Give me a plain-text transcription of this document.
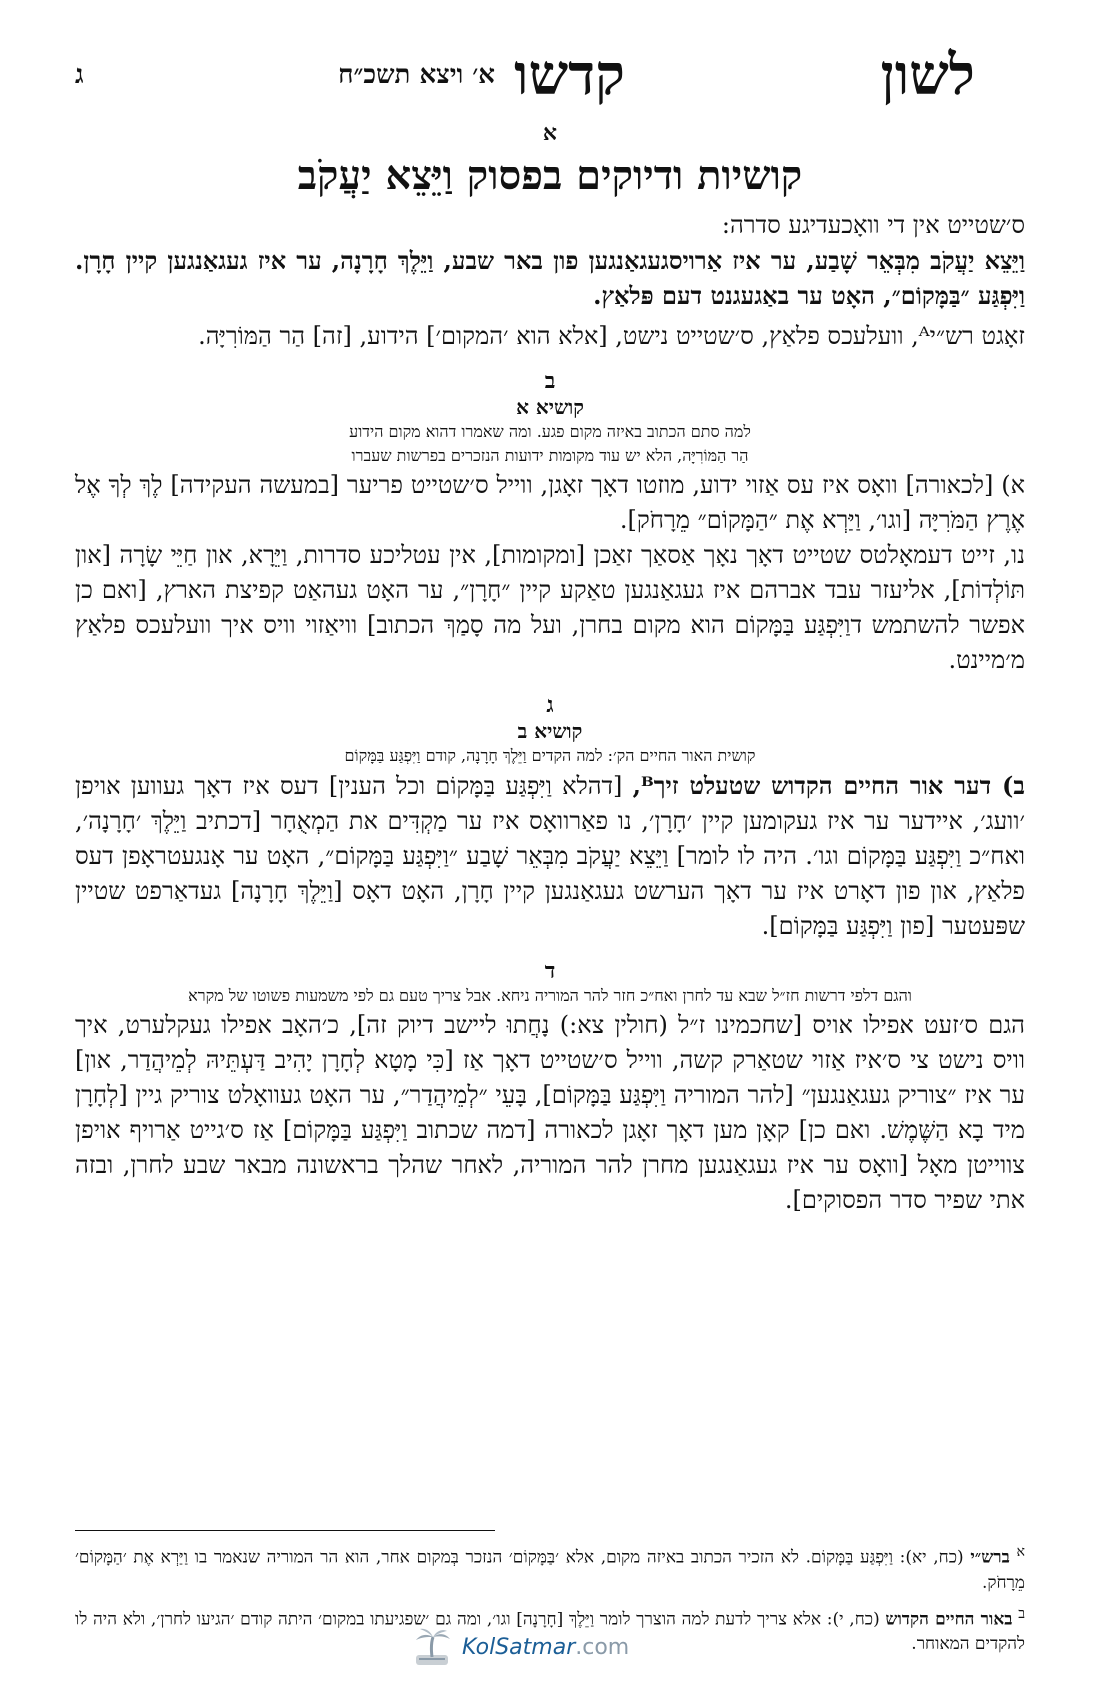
לשון
א׳ ויצא תשכ״ח קדשו
ג
א
קושיות ודיוקים בפסוק וַיֵּצֵא יַעֲקֹב

ס׳שטייט אין די וואָכעדיגע סדרה:

וַיֵּצֵא יַעֲקֹב מִבְּאֵר שָׁבַע, ער איז אַרויסגעגאַנגען פון באר שבע, וַיֵּלֶךְ חָרָנָה, ער איז געגאַנגען קיין חָרָן. וַיִּפְגַּע ״בַּמָּקוֹם״, האָט ער באַגעגנט דעם פּלאַץ.

זאָגט רש״יᴬ, וועלעכס פלאַץ, ס׳שטייט נישט, [אלא הוא ׳המקום׳] הידוע, [זה] הַר הַמּוֹרִיָּה.

ב
קושיא א
למה סתם הכתוב באיזה מקום פגע. ומה שאמרו דהוא מקום הידוע
הַר הַמּוֹרִיָּה, הלא יש עוד מקומות ידועות הנזכרים בפרשות שעברו

א) [לכאורה] וואָס איז עס אַזוי ידוע, מוזטו דאָך זאָגן, ווייל ס׳שטייט פריער [במעשה העקידה] לֶךְ לְךָ אֶל אֶרֶץ הַמֹּרִיָּה [וגו׳, וַיַּרְא אֶת ״הַמָּקוֹם״ מֵרָחֹק].

נו, זייט דעמאָלטס שטייט דאָך נאָך אַסאַך זאַכן [ומקומות], אין עטליכע סדרות, וַיֵּרָא, און חַיֵּי שָׂרָה [און תּוֹלְדוֹת], אליעזר עבד אברהם איז געגאַנגען טאַקע קיין ״חָרָן״, ער האָט געהאַט קפיצת הארץ, [ואם כן אפשר להשתמש דוַיִּפְגַּע בַּמָּקוֹם הוא מקום בחרן, ועל מה סָמַךְ הכתוב] וויאַזוי וויס איך וועלעכס פלאַץ מ׳מיינט.

ג
קושיא ב
קושית האור החיים הק׳: למה הקדים וַיֵּלֶךְ חָרָנָה, קודם וַיִּפְגַּע בַּמָּקוֹם

ב) דער אור החיים הקדוש שטעלט זיךᴮ, [דהלא וַיִּפְגַּע בַּמָּקוֹם וכל הענין] דעס איז דאָך געווען אויפן ׳וועג׳, איידער ער איז געקומען קיין ׳חָרָן׳, נו פאַרוואָס איז ער מַקְדִּים את הַמְאֻחָר [דכתיב וַיֵּלֶךְ ׳חָרָנָה׳, ואח״כ וַיִּפְגַּע בַּמָּקוֹם וגו׳. היה לו לומר] וַיֵּצֵא יַעֲקֹב מִבְּאֵר שָׁבַע ״וַיִּפְגַּע בַּמָּקוֹם״, האָט ער אָנגעטראָפן דעס פלאַץ, און פון דאָרט איז ער דאָך הערשט געגאַנגען קיין חָרָן, האָט דאָס [וַיֵּלֶךְ חָרָנָה] געדאַרפט שטיין שפּעטער [פון וַיִּפְגַּע בַּמָּקוֹם].

ד
והגם דלפי דרשות חז״ל שבא עד לחרן ואח״כ חזר להר המוריה ניחא. אבל צריך טעם גם לפי משמעות פשוטו של מקרא

הגם ס׳זעט אפילו אויס [שחכמינו ז״ל (חולין צא:) נָחֲתוּ ליישב דיוק זה], כ׳האָב אפילו געקלערט, איך וויס נישט צי ס׳איז אַזוי שטאַרק קשה, ווייל ס׳שטייט דאָך אַז [כִּי מָטָא לְחָרָן יָהִיב דַּעְתֵּיהּ לְמֵיהֲדַר, און] ער איז ״צוריק געגאַנגען״ [להר המוריה וַיִּפְגַּע בַּמָּקוֹם], בָּעֵי ״לְמֵיהֲדַר״, ער האָט געוואָלט צוריק גיין [לְחָרָן מיד בָא הַשֶּׁמֶשׁ. ואם כן] קאָן מען דאָך זאָגן לכאורה [דמה שכתוב וַיִּפְגַּע בַּמָּקוֹם] אַז ס׳גייט אַרויף אויפן צווייטן מאָל [וואָס ער איז געגאַנגען מחרן להר המוריה, לאחר שהלך בראשונה מבאר שבע לחרן, ובזה אתי שפיר סדר הפסוקים].

$^א$ ברש״י (כח, יא): וַיִּפְגַּע בַּמָּקוֹם. לא הזכיר הכתוב באיזה מקום, אלא ׳בַּמָּקוֹם׳ הנזכר בְּמקום אחר, הוא הר המוריה שנאמר בו וַיַּרְא אֶת ׳הַמָּקוֹם׳ מֵרָחֹק.

$^ב$ באור החיים הקדוש (כח, י): אלא צריך לדעת למה הוצרך לומר וַיֵּלֶךְ [חָרָנָה] וגו׳, ומה גם ׳שפגיעתו במקום׳ היתה קודם ׳הגיעו לחרן׳, ולא היה לו להקדים המאוחר.

KolSatmar.com
